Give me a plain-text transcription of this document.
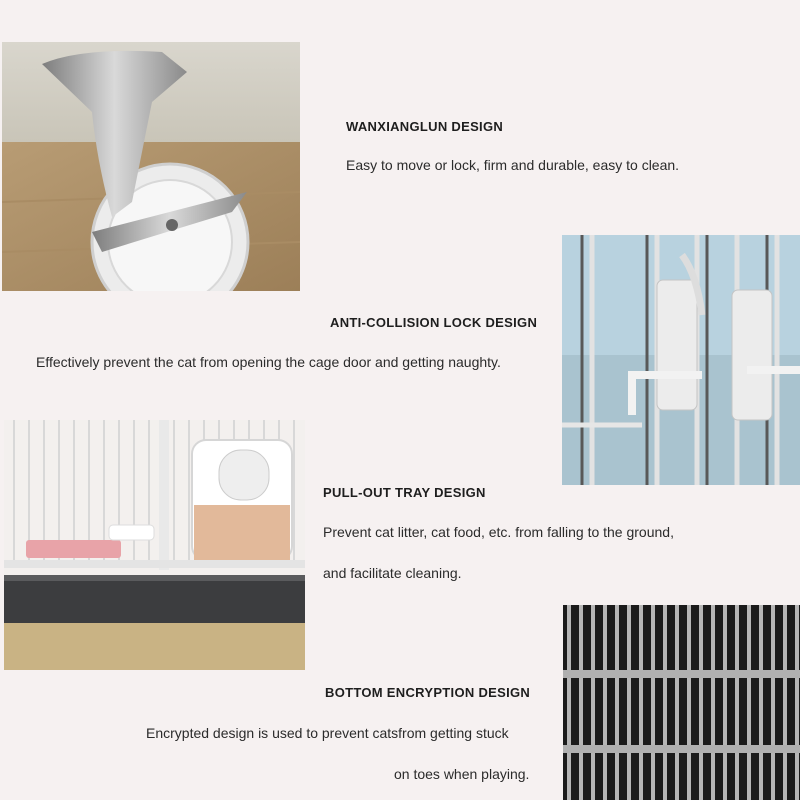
WANXIANGLUN DESIGN
Easy to move or lock, firm and durable, easy to clean.
ANTI-COLLISION LOCK DESIGN
Effectively prevent the cat from opening the cage door and getting naughty.
PULL-OUT TRAY DESIGN
Prevent cat litter, cat food, etc. from falling to the ground,
and facilitate cleaning.
BOTTOM ENCRYPTION DESIGN
Encrypted design is used to prevent catsfrom getting stuck
on toes when playing.
